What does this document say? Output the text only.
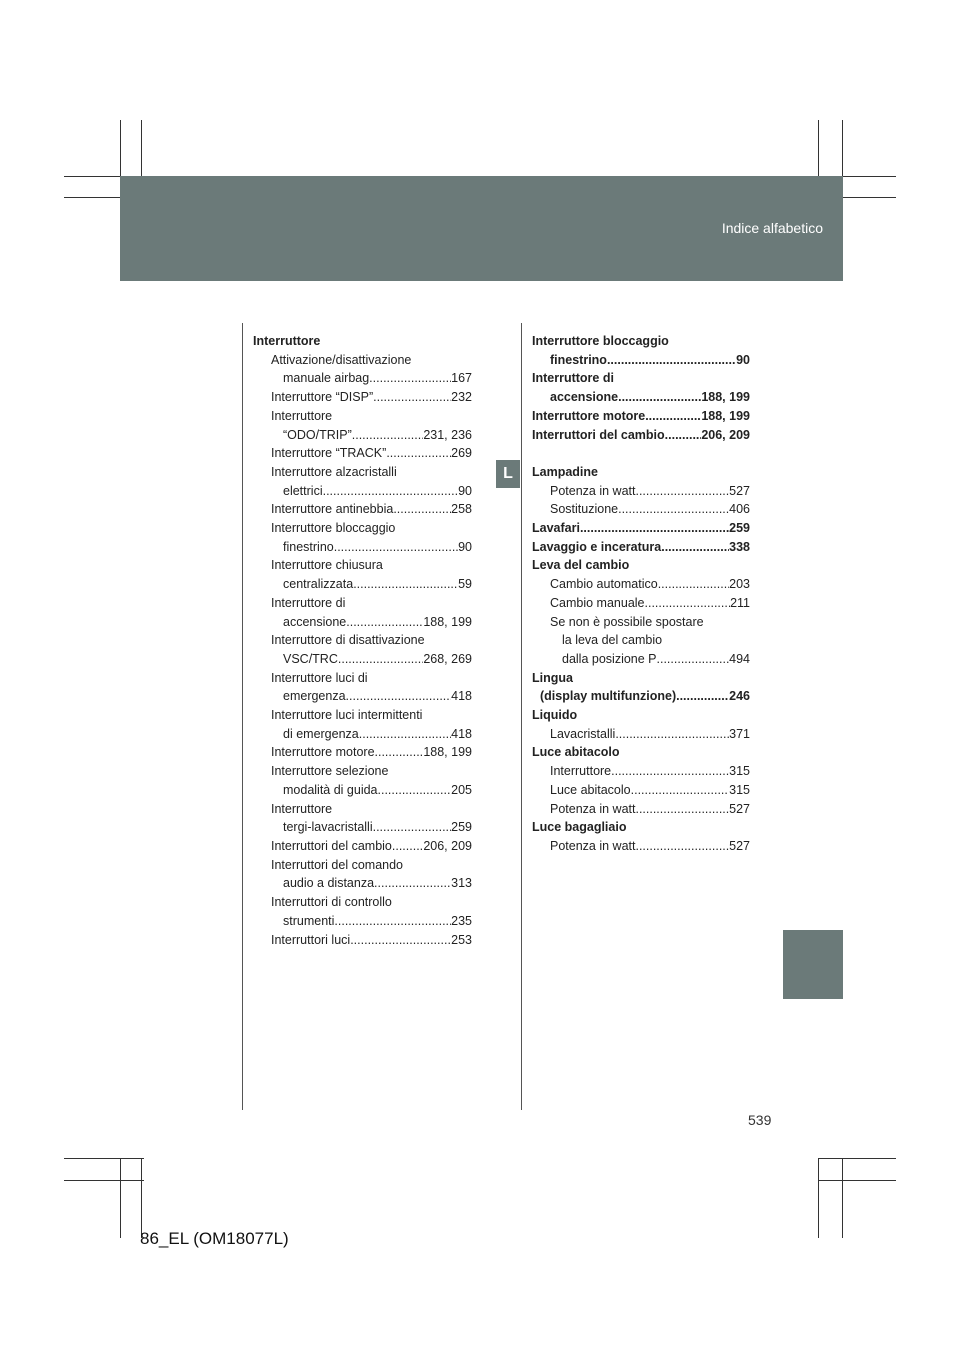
Indice alfabetico
L
Interruttore
Attivazione/disattivazione
manuale airbag .....	167
Interruttore “DISP” .....	232
Interruttore
“ODO/TRIP” .....	231, 236
Interruttore “TRACK” .....	269
Interruttore alzacristalli
elettrici .....	90
Interruttore antinebbia .....	258
Interruttore bloccaggio
finestrino .....	90
Interruttore chiusura
centralizzata .....	59
Interruttore di
accensione .....	188, 199
Interruttore di disattivazione
VSC/TRC .....	268, 269
Interruttore luci di
emergenza .....	418
Interruttore luci intermittenti
di emergenza .....	418
Interruttore motore .....	188, 199
Interruttore selezione
modalità di guida .....	205
Interruttore
tergi-lavacristalli .....	259
Interruttori del cambio .....	206, 209
Interruttori del comando
audio a distanza .....	313
Interruttori di controllo
strumenti .....	235
Interruttori luci .....	253
Interruttore bloccaggio
finestrino .....	90
Interruttore di
accensione .....	188, 199
Interruttore motore .....	188, 199
Interruttori del cambio .....	206, 209
Lampadine
Potenza in watt .....	527
Sostituzione .....	406
Lavafari .....	259
Lavaggio e inceratura .....	338
Leva del cambio
Cambio automatico .....	203
Cambio manuale .....	211
Se non è possibile spostare
la leva del cambio
dalla posizione P .....	494
Lingua
(display multifunzione) .....	246
Liquido
Lavacristalli .....	371
Luce abitacolo
Interruttore .....	315
Luce abitacolo. .....	315
Potenza in watt .....	527
Luce bagagliaio
Potenza in watt .....	527
539
86_EL (OM18077L)
